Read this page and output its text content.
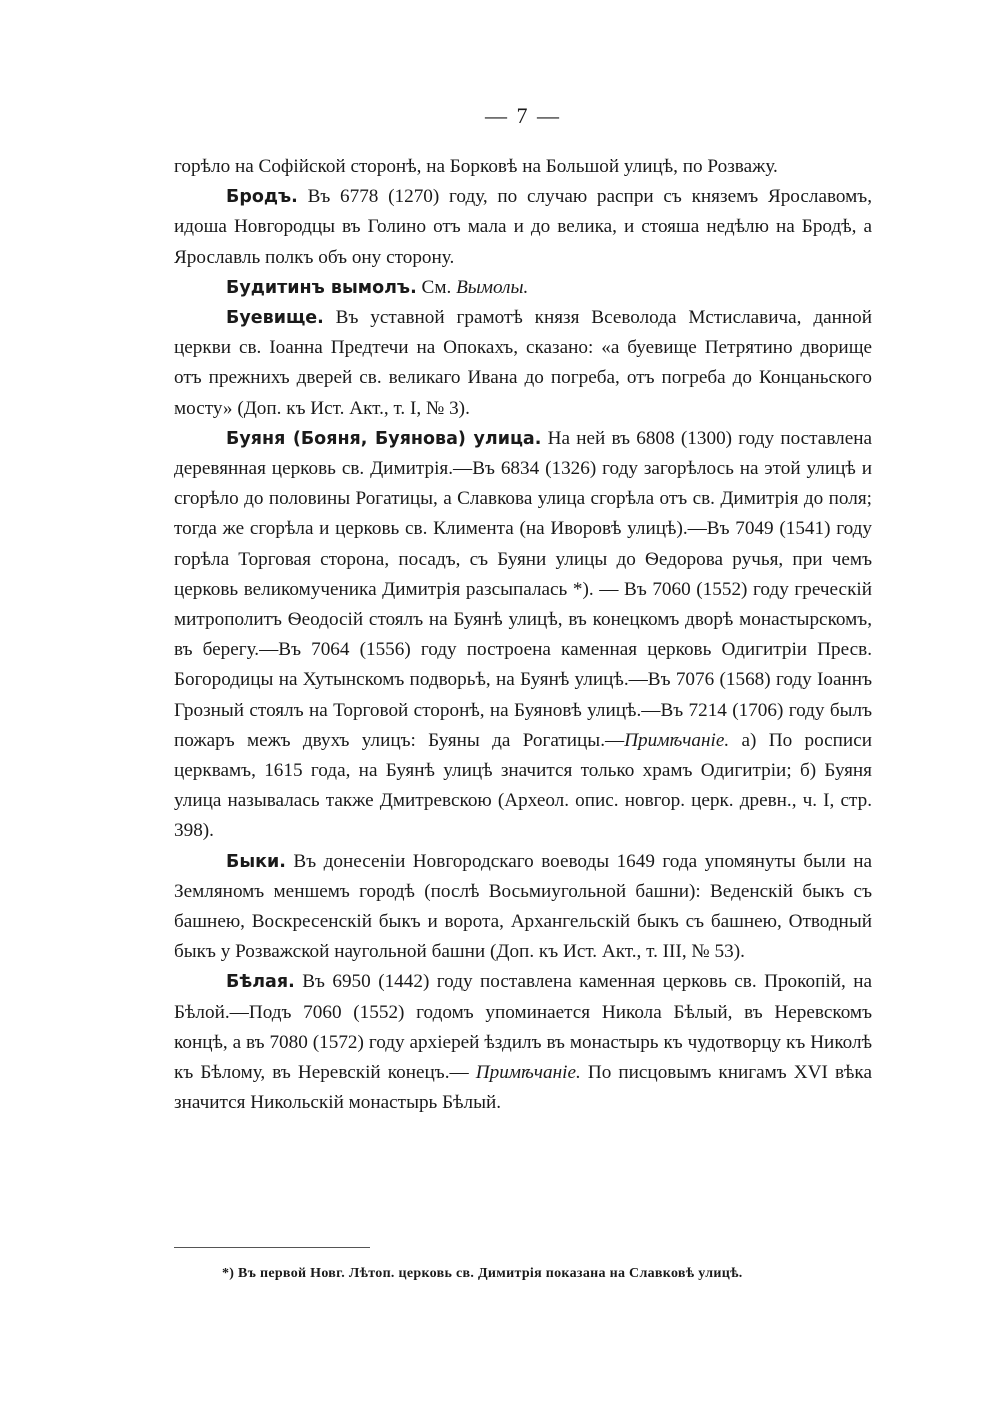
— 7 —

горѣло на Софійской сторонѣ, на Борковѣ на Большой улицѣ, по Розважу.

Бродъ. Въ 6778 (1270) году, по случаю распри съ княземъ Ярославомъ, идоша Новгородцы въ Голино отъ мала и до велика, и стояша недѣлю на Бродѣ, а Ярославль полкъ объ ону сторону.

Будитинъ вымолъ. См. Вымолы.

Буевище. Въ уставной грамотѣ князя Всеволода Мстиславича, данной церкви св. Іоанна Предтечи на Опокахъ, сказано: «а буевище Петрятино дворище отъ прежнихъ дверей св. великаго Ивана до погреба, отъ погреба до Концаньского мосту» (Доп. къ Ист. Акт., т. I, № 3).

Буяня (Бояня, Буянова) улица. На ней въ 6808 (1300) году поставлена деревянная церковь св. Димитрія.—Въ 6834 (1326) году загорѣлось на этой улицѣ и сгорѣло до половины Рогатицы, а Славкова улица сгорѣла отъ св. Димитрія до поля; тогда же сгорѣла и церковь св. Климента (на Иворовѣ улицѣ).—Въ 7049 (1541) году горѣла Торговая сторона, посадъ, съ Буяни улицы до Ѳедорова ручья, при чемъ церковь великомученика Димитрія разсыпалась *). — Въ 7060 (1552) году греческій митрополитъ Ѳеодосій стоялъ на Буянѣ улицѣ, въ конецкомъ дворѣ монастырскомъ, въ берегу.—Въ 7064 (1556) году построена каменная церковь Одигитріи Пресв. Богородицы на Хутынскомъ подворьѣ, на Буянѣ улицѣ.—Въ 7076 (1568) году Іоаннъ Грозный стоялъ на Торговой сторонѣ, на Буяновѣ улицѣ.—Въ 7214 (1706) году былъ пожаръ межъ двухъ улицъ: Буяны да Рогатицы.—Примѣчаніе. а) По росписи церквамъ, 1615 года, на Буянѣ улицѣ значится только храмъ Одигитріи; б) Буяня улица называлась также Дмитревскою (Археол. опис. новгор. церк. древн., ч. I, стр. 398).

Быки. Въ донесеніи Новгородскаго воеводы 1649 года упомянуты были на Земляномъ меншемъ городѣ (послѣ Восьмиугольной башни): Веденскій быкъ съ башнею, Воскресенскій быкъ и ворота, Архангельскій быкъ съ башнею, Отводный быкъ у Розважской наугольной башни (Доп. къ Ист. Акт., т. III, № 53).

Бѣлая. Въ 6950 (1442) году поставлена каменная церковь св. Прокопій, на Бѣлой.—Подъ 7060 (1552) годомъ упоминается Никола Бѣлый, въ Неревскомъ концѣ, а въ 7080 (1572) году архіерей ѣздилъ въ монастырь къ чудотворцу къ Николѣ къ Бѣлому, въ Неревскій конецъ.— Примѣчаніе. По писцовымъ книгамъ XVI вѣка значится Никольскій монастырь Бѣлый.

*) Въ первой Новг. Лѣтоп. церковь св. Димитрія показана на Славковѣ улицѣ.
